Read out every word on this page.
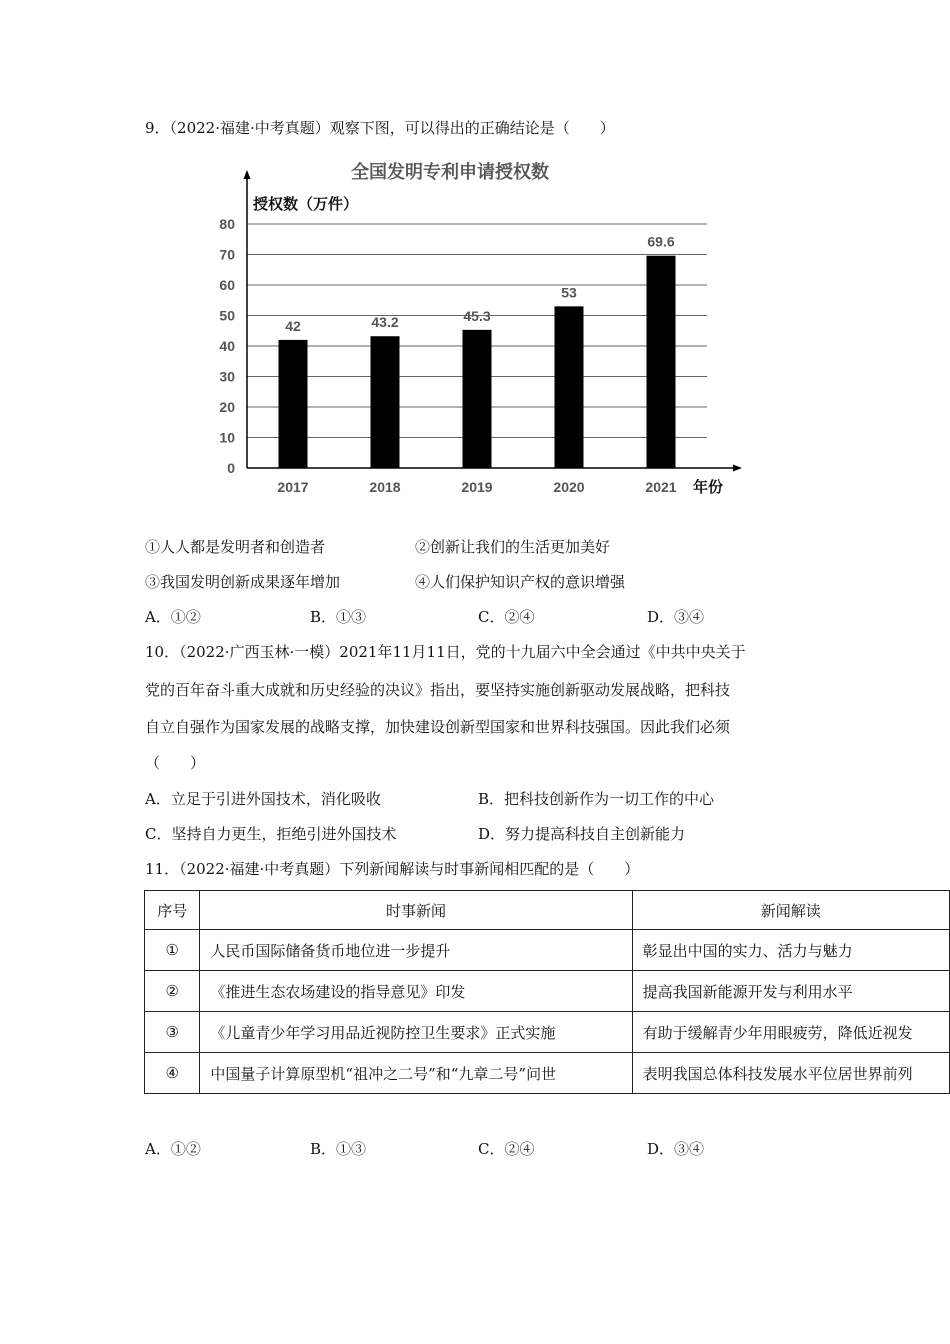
9．（2022·福建·中考真题）观察下图，可以得出的正确结论是（　　）
全国发明专利申请授权数
授权数（万件）
0
10
20
30
40
50
60
70
80
42	43.2	45.3
53
69.6
2017	2018	2019	2020	2021 年份
①人人都是发明者和创造者	②创新让我们的生活更加美好
③我国发明创新成果逐年增加	④人们保护知识产权的意识增强
A．①②	B．①③	C．②④	D．③④
10．（2022·广西玉林·一模）2021年11月11日，党的十九届六中全会通过《中共中央关于
党的百年奋斗重大成就和历史经验的决议》指出，要坚持实施创新驱动发展战略，把科技
自立自强作为国家发展的战略支撑，加快建设创新型国家和世界科技强国。因此我们必须
（　　）
A．立足于引进外国技术，消化吸收	B．把科技创新作为一切工作的中心
C．坚持自力更生，拒绝引进外国技术	D．努力提高科技自主创新能力
11．（2022·福建·中考真题）下列新闻解读与时事新闻相匹配的是（　　）
序号	时事新闻	新闻解读
①	人民币国际储备货币地位进一步提升	彰显出中国的实力、活力与魅力
②	《推进生态农场建设的指导意见》印发	提高我国新能源开发与利用水平
③	《儿童青少年学习用品近视防控卫生要求》正式实施	有助于缓解青少年用眼疲劳，降低近视发
④	中国量子计算原型机“祖冲之二号”和“九章二号”问世	表明我国总体科技发展水平位居世界前列
A．①②	B．①③	C．②④	D．③④
